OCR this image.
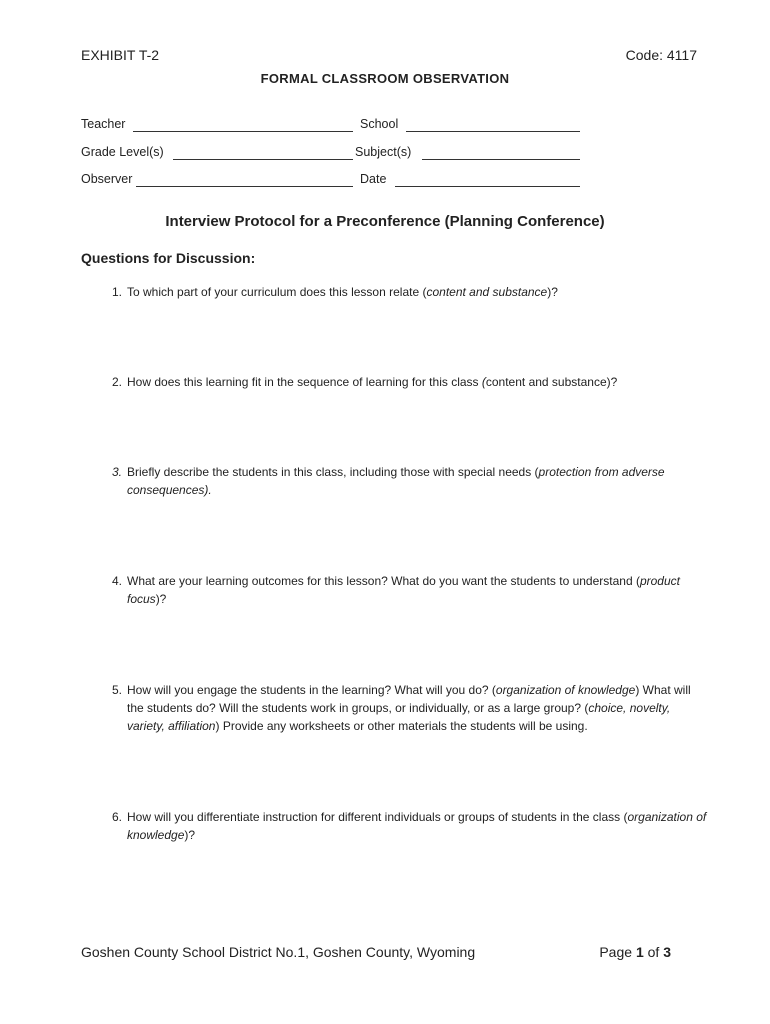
EXHIBIT T-2	Code: 4117
FORMAL CLASSROOM OBSERVATION
Teacher	School
Grade Level(s)	Subject(s)
Observer	Date
Interview Protocol for a Preconference (Planning Conference)
Questions for Discussion:
1. To which part of your curriculum does this lesson relate (content and substance)?
2. How does this learning fit in the sequence of learning for this class (content and substance)?
3. Briefly describe the students in this class, including those with special needs (protection from adverse consequences).
4. What are your learning outcomes for this lesson? What do you want the students to understand (product focus)?
5. How will you engage the students in the learning? What will you do? (organization of knowledge) What will the students do? Will the students work in groups, or individually, or as a large group? (choice, novelty, variety, affiliation) Provide any worksheets or other materials the students will be using.
6. How will you differentiate instruction for different individuals or groups of students in the class (organization of knowledge)?
Goshen County School District No.1, Goshen County, Wyoming	Page 1 of 3
